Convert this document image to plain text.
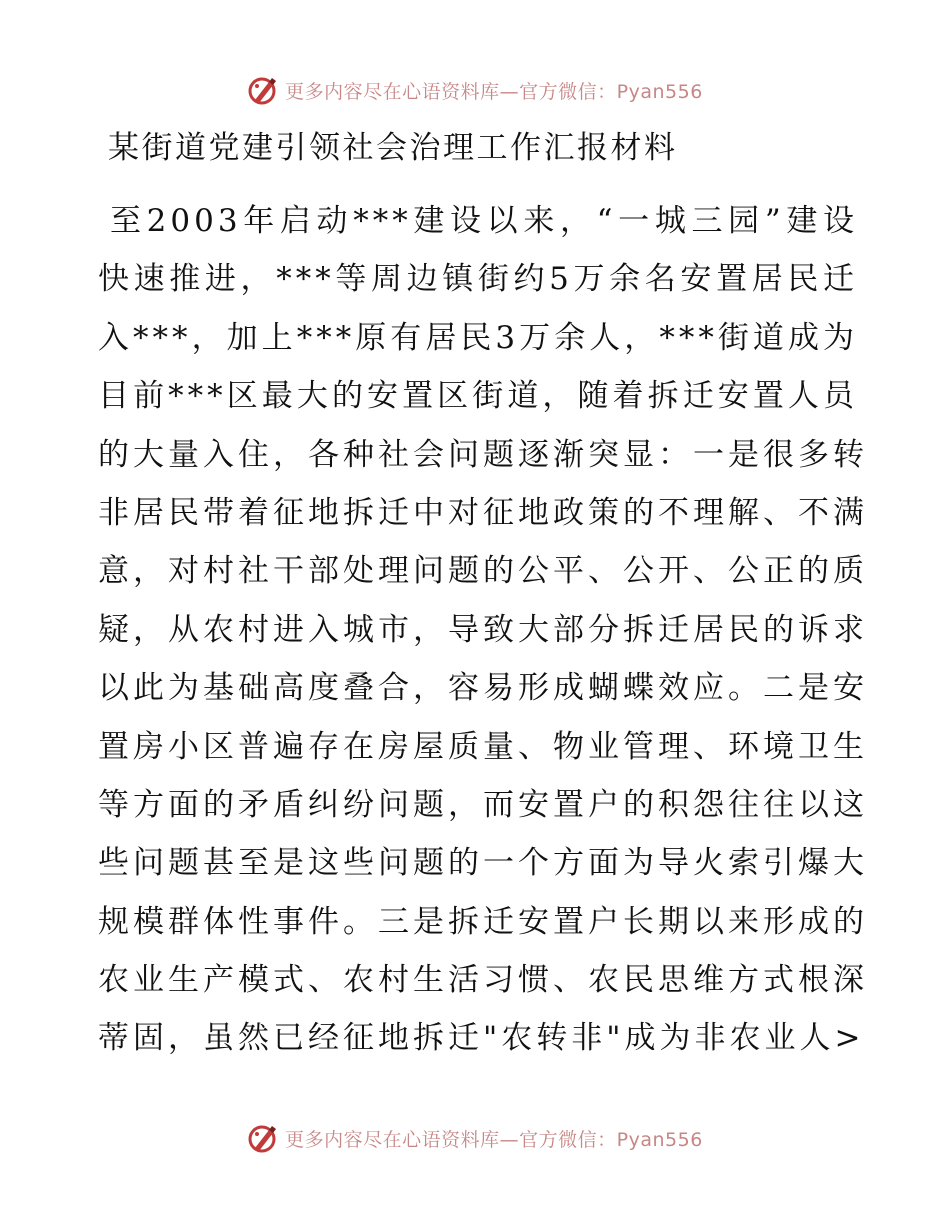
更多内容尽在心语资料库—官方微信：Pyan556
某街道党建引领社会治理工作汇报材料
至2003年启动***建设以来，“一城三园”建设
快速推进，***等周边镇街约5万余名安置居民迁
入***，加上***原有居民3万余人，***街道成为
目前***区最大的安置区街道，随着拆迁安置人员
的大量入住，各种社会问题逐渐突显：一是很多转
非居民带着征地拆迁中对征地政策的不理解、不满
意，对村社干部处理问题的公平、公开、公正的质
疑，从农村进入城市，导致大部分拆迁居民的诉求
以此为基础高度叠合，容易形成蝴蝶效应。二是安
置房小区普遍存在房屋质量、物业管理、环境卫生
等方面的矛盾纠纷问题，而安置户的积怨往往以这
些问题甚至是这些问题的一个方面为导火索引爆大
规模群体性事件。三是拆迁安置户长期以来形成的
农业生产模式、农村生活习惯、农民思维方式根深
蒂固，虽然已经征地拆迁"农转非"成为非农业人>
更多内容尽在心语资料库—官方微信：Pyan556
